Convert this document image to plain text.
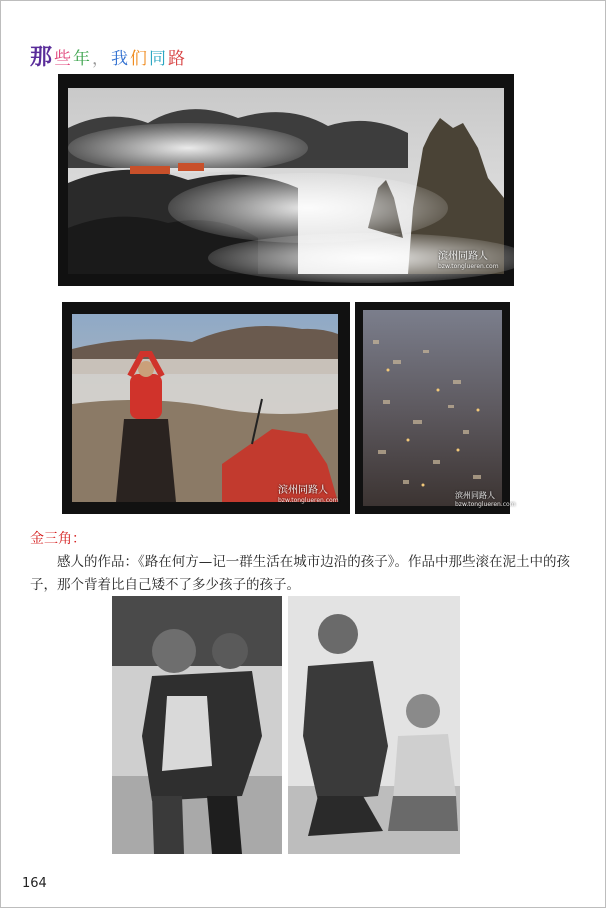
那些年，我们同路
滨州同路人
bzw.tonglueren.com
滨州同路人
bzw.tonglueren.com
滨州同路人
bzw.tonglueren.com
金三角：
感人的作品：《路在何方—记一群生活在城市边沿的孩子》。作品中那些滚在泥土中的孩子，那个背着比自己矮不了多少孩子的孩子。
164
